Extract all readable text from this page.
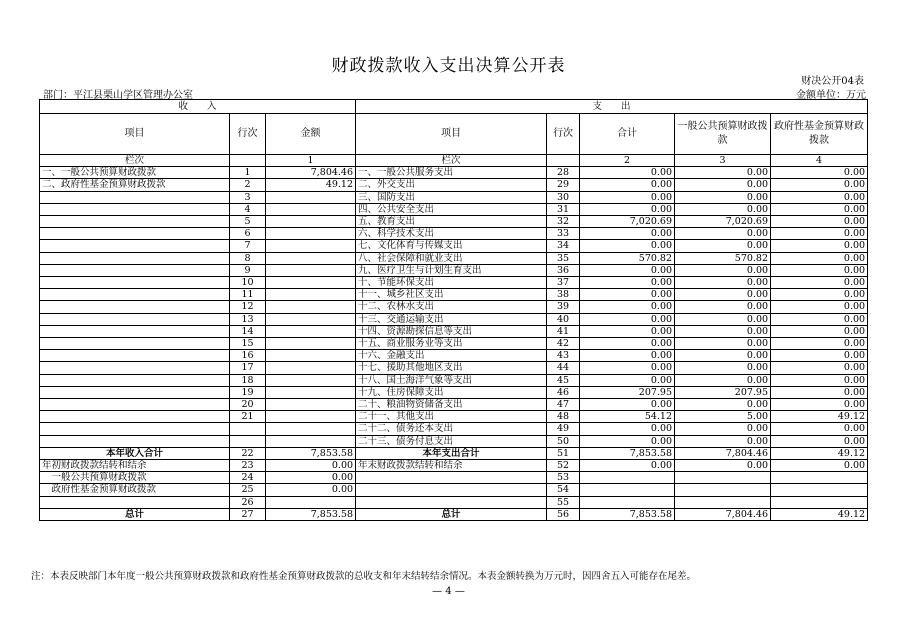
财政拨款收入支出决算公开表
财决公开04表
部门：平江县栗山学区管理办公室	金额单位：万元
收　　入			支　　出				
项目	行次	金额	项目	行次	合计	一般公共预算财政拨款	政府性基金预算财政拨款
栏次		1	栏次		2	3	4
一、一般公共预算财政拨款	1	7,804.46	一、一般公共服务支出	28	0.00	0.00	0.00
二、政府性基金预算财政拨款	2	49.12	二、外交支出	29	0.00	0.00	0.00
	3		三、国防支出	30	0.00	0.00	0.00
	4		四、公共安全支出	31	0.00	0.00	0.00
	5		五、教育支出	32	7,020.69	7,020.69	0.00
	6		六、科学技术支出	33	0.00	0.00	0.00
	7		七、文化体育与传媒支出	34	0.00	0.00	0.00
	8		八、社会保障和就业支出	35	570.82	570.82	0.00
	9		九、医疗卫生与计划生育支出	36	0.00	0.00	0.00
	10		十、节能环保支出	37	0.00	0.00	0.00
	11		十一、城乡社区支出	38	0.00	0.00	0.00
	12		十二、农林水支出	39	0.00	0.00	0.00
	13		十三、交通运输支出	40	0.00	0.00	0.00
	14		十四、资源勘探信息等支出	41	0.00	0.00	0.00
	15		十五、商业服务业等支出	42	0.00	0.00	0.00
	16		十六、金融支出	43	0.00	0.00	0.00
	17		十七、援助其他地区支出	44	0.00	0.00	0.00
	18		十八、国土海洋气象等支出	45	0.00	0.00	0.00
	19		十九、住房保障支出	46	207.95	207.95	0.00
	20		二十、粮油物资储备支出	47	0.00	0.00	0.00
	21		二十一、其他支出	48	54.12	5.00	49.12
			二十二、债务还本支出	49	0.00	0.00	0.00
			二十三、债务付息支出	50	0.00	0.00	0.00
本年收入合计	22	7,853.58	本年支出合计	51	7,853.58	7,804.46	49.12
年初财政拨款结转和结余	23	0.00	年末财政拨款结转和结余	52	0.00	0.00	0.00
　一般公共预算财政拨款	24	0.00		53			
　政府性基金预算财政拨款	25	0.00		54			
	26			55			
总计	27	7,853.58	总计	56	7,853.58	7,804.46	49.12
注：本表反映部门本年度一般公共预算财政拨款和政府性基金预算财政拨款的总收支和年末结转结余情况。本表金额转换为万元时，因四舍五入可能存在尾差。
— 4 —
